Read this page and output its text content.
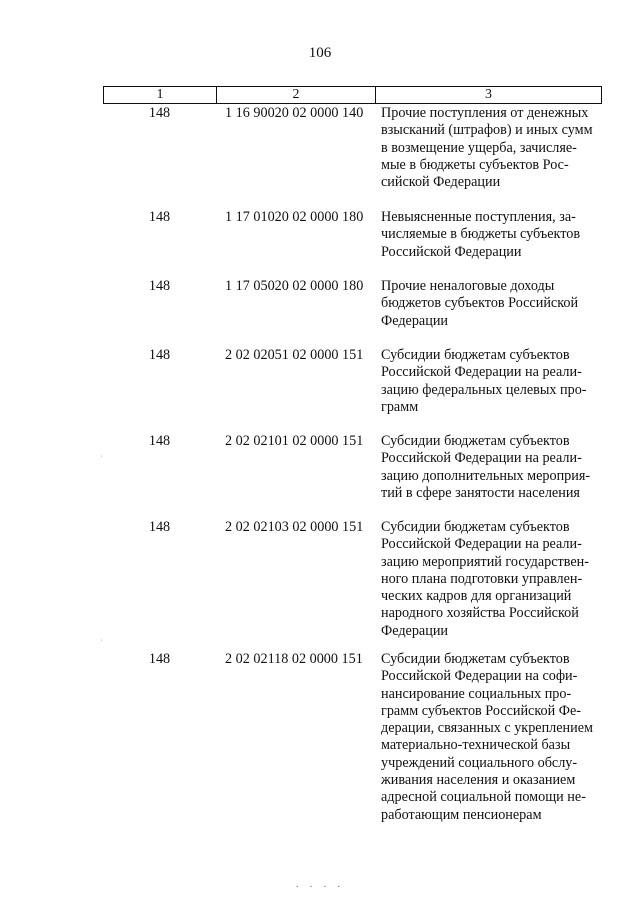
106
1	2	3
148	1 16 90020 02 0000 140	Прочие поступления от денежных
взысканий (штрафов) и иных сумм
в возмещение ущерба, зачисляе-
мые в бюджеты субъектов Рос-
сийской Федерации
148	1 17 01020 02 0000 180	Невыясненные поступления, за-
числяемые в бюджеты субъектов
Российской Федерации
148	1 17 05020 02 0000 180	Прочие неналоговые доходы
бюджетов субъектов Российской
Федерации
148	2 02 02051 02 0000 151	Субсидии бюджетам субъектов
Российской Федерации на реали-
зацию федеральных целевых про-
грамм
148	2 02 02101 02 0000 151	Субсидии бюджетам субъектов
Российской Федерации на реали-
зацию дополнительных мероприя-
тий в сфере занятости населения
148	2 02 02103 02 0000 151	Субсидии бюджетам субъектов
Российской Федерации на реали-
зацию мероприятий государствен-
ного плана подготовки управлен-
ческих кадров для организаций
народного хозяйства Российской
Федерации
148	2 02 02118 02 0000 151	Субсидии бюджетам субъектов
Российской Федерации на софи-
нансирование социальных про-
грамм субъектов Российской Фе-
дерации, связанных с укреплением
материально-технической базы
учреждений социального обслу-
живания населения и оказанием
адресной социальной помощи не-
работающим пенсионерам
·
·
· · · ·
